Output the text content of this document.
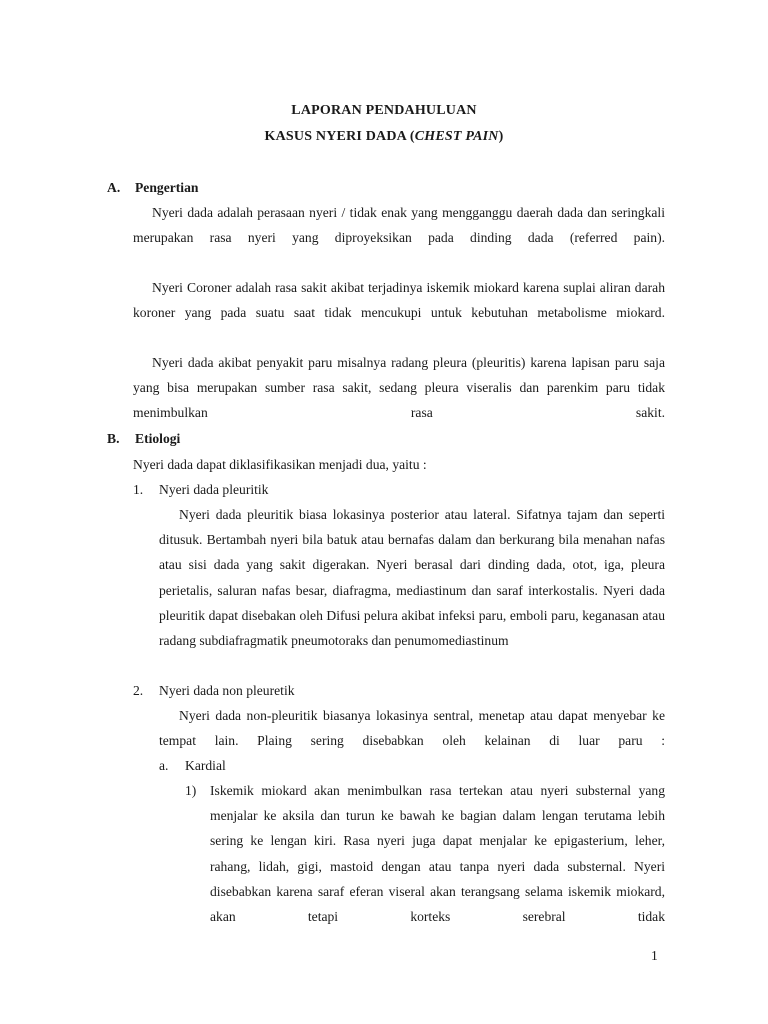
LAPORAN PENDAHULUAN
KASUS NYERI DADA (CHEST PAIN)
A. Pengertian

Nyeri dada adalah perasaan nyeri / tidak enak yang mengganggu daerah dada dan seringkali merupakan rasa nyeri yang diproyeksikan pada dinding dada (referred pain).

Nyeri Coroner adalah rasa sakit akibat terjadinya iskemik miokard karena suplai aliran darah koroner yang pada suatu saat tidak mencukupi untuk kebutuhan metabolisme miokard.

Nyeri dada akibat penyakit paru misalnya radang pleura (pleuritis) karena lapisan paru saja yang bisa merupakan sumber rasa sakit, sedang pleura viseralis dan parenkim paru tidak menimbulkan rasa sakit.

B. Etiologi
Nyeri dada dapat diklasifikasikan menjadi dua, yaitu :
1. Nyeri dada pleuritik

Nyeri dada pleuritik biasa lokasinya posterior atau lateral. Sifatnya tajam dan seperti ditusuk. Bertambah nyeri bila batuk atau bernafas dalam dan berkurang bila menahan nafas atau sisi dada yang sakit digerakan. Nyeri berasal dari dinding dada, otot, iga, pleura perietalis, saluran nafas besar, diafragma, mediastinum dan saraf interkostalis. Nyeri dada pleuritik dapat disebakan oleh Difusi pelura akibat infeksi paru, emboli paru, keganasan atau radang subdiafragmatik pneumotoraks dan penumomediastinum

2. Nyeri dada non pleuretik

Nyeri dada non-pleuritik biasanya lokasinya sentral, menetap atau dapat menyebar ke tempat lain. Plaing sering disebabkan oleh kelainan di luar paru :

a. Kardial
1) Iskemik miokard akan menimbulkan rasa tertekan atau nyeri substernal yang menjalar ke aksila dan turun ke bawah ke bagian dalam lengan terutama lebih sering ke lengan kiri. Rasa nyeri juga dapat menjalar ke epigasterium, leher, rahang, lidah, gigi, mastoid dengan atau tanpa nyeri dada substernal. Nyeri disebabkan karena saraf eferan viseral akan terangsang selama iskemik miokard, akan tetapi korteks serebral tidak

1
